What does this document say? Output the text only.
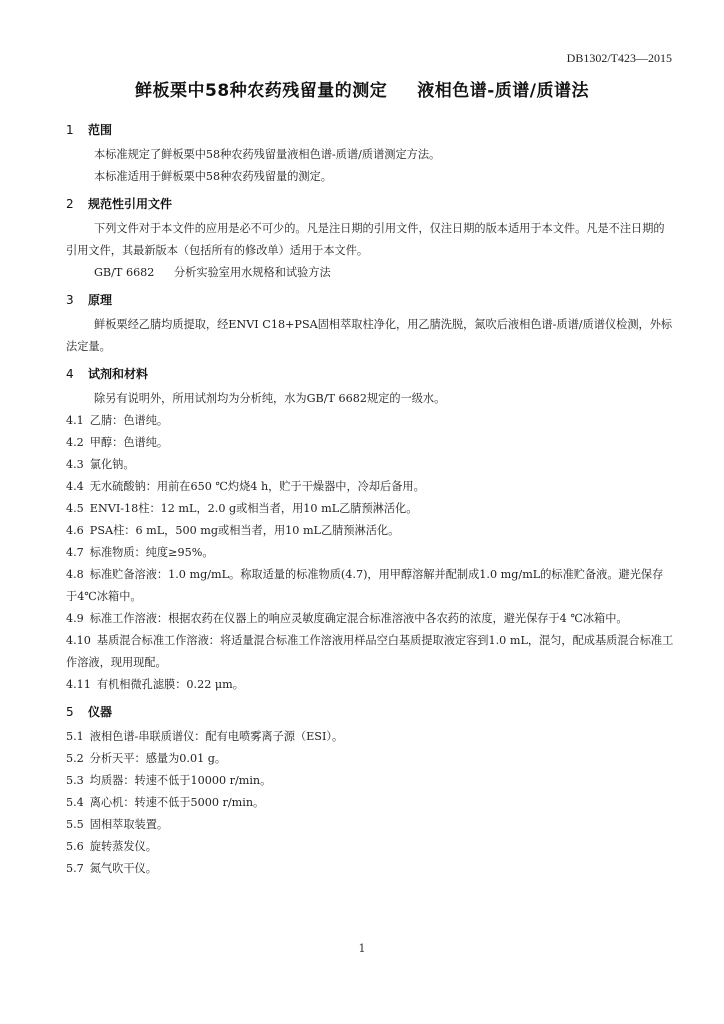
DB1302/T423—2015
鲜板栗中58种农药残留量的测定 液相色谱-质谱/质谱法

1 范围

本标准规定了鲜板栗中58种农药残留量液相色谱-质谱/质谱测定方法。

本标准适用于鲜板栗中58种农药残留量的测定。

2 规范性引用文件

下列文件对于本文件的应用是必不可少的。凡是注日期的引用文件，仅注日期的版本适用于本文件。凡是不注日期的引用文件，其最新版本（包括所有的修改单）适用于本文件。

GB/T 6682 分析实验室用水规格和试验方法

3 原理

鲜板栗经乙腈均质提取，经ENVI C18+PSA固相萃取柱净化，用乙腈洗脱，氮吹后液相色谱-质谱/质谱仪检测，外标法定量。

4 试剂和材料

除另有说明外，所用试剂均为分析纯，水为GB/T 6682规定的一级水。

4.1 乙腈：色谱纯。

4.2 甲醇：色谱纯。

4.3 氯化钠。

4.4 无水硫酸钠：用前在650 ℃灼烧4 h，贮于干燥器中，冷却后备用。

4.5 ENVI-18柱：12 mL，2.0 g或相当者，用10 mL乙腈预淋活化。

4.6 PSA柱：6 mL，500 mg或相当者，用10 mL乙腈预淋活化。

4.7 标准物质：纯度≥95%。

4.8 标准贮备溶液：1.0 mg/mL。称取适量的标准物质(4.7)，用甲醇溶解并配制成1.0 mg/mL的标准贮备液。避光保存于4℃冰箱中。

4.9 标准工作溶液：根据农药在仪器上的响应灵敏度确定混合标准溶液中各农药的浓度，避光保存于4 ℃冰箱中。

4.10 基质混合标准工作溶液：将适量混合标准工作溶液用样品空白基质提取液定容到1.0 mL，混匀，配成基质混合标准工作溶液，现用现配。

4.11 有机相微孔滤膜：0.22 μm。

5 仪器

5.1 液相色谱-串联质谱仪：配有电喷雾离子源（ESI）。

5.2 分析天平：感量为0.01 g。

5.3 均质器：转速不低于10000 r/min。

5.4 离心机：转速不低于5000 r/min。

5.5 固相萃取装置。

5.6 旋转蒸发仪。

5.7 氮气吹干仪。

1
